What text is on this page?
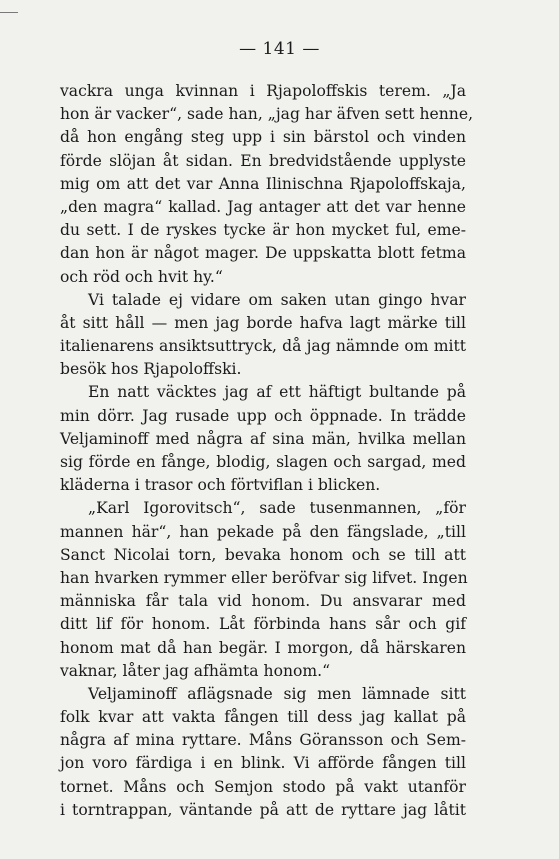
— 141 —
vackra unga kvinnan i Rjapoloffskis terem. „Ja
hon är vacker“, sade han, „jag har äfven sett henne,
då hon engång steg upp i sin bärstol och vinden
förde slöjan åt sidan. En bredvidstående upplyste
mig om att det var Anna Ilinischna Rjapoloffskaja,
„den magra“ kallad. Jag antager att det var henne
du sett. I de ryskes tycke är hon mycket ful, eme-
dan hon är något mager. De uppskatta blott fetma
och röd och hvit hy.“
Vi talade ej vidare om saken utan gingo hvar
åt sitt håll — men jag borde hafva lagt märke till
italienarens ansiktsuttryck, då jag nämnde om mitt
besök hos Rjapoloffski.
En natt väcktes jag af ett häftigt bultande på
min dörr. Jag rusade upp och öppnade. In trädde
Veljaminoff med några af sina män, hvilka mellan
sig förde en fånge, blodig, slagen och sargad, med
kläderna i trasor och förtviflan i blicken.
„Karl Igorovitsch“, sade tusenmannen, „för
mannen här“, han pekade på den fängslade, „till
Sanct Nicolai torn, bevaka honom och se till att
han hvarken rymmer eller beröfvar sig lifvet. Ingen
människa får tala vid honom. Du ansvarar med
ditt lif för honom. Låt förbinda hans sår och gif
honom mat då han begär. I morgon, då härskaren
vaknar, låter jag afhämta honom.“
Veljaminoff aflägsnade sig men lämnade sitt
folk kvar att vakta fången till dess jag kallat på
några af mina ryttare. Måns Göransson och Sem-
jon voro färdiga i en blink. Vi afförde fången till
tornet. Måns och Semjon stodo på vakt utanför
i torntrappan, väntande på att de ryttare jag låtit
